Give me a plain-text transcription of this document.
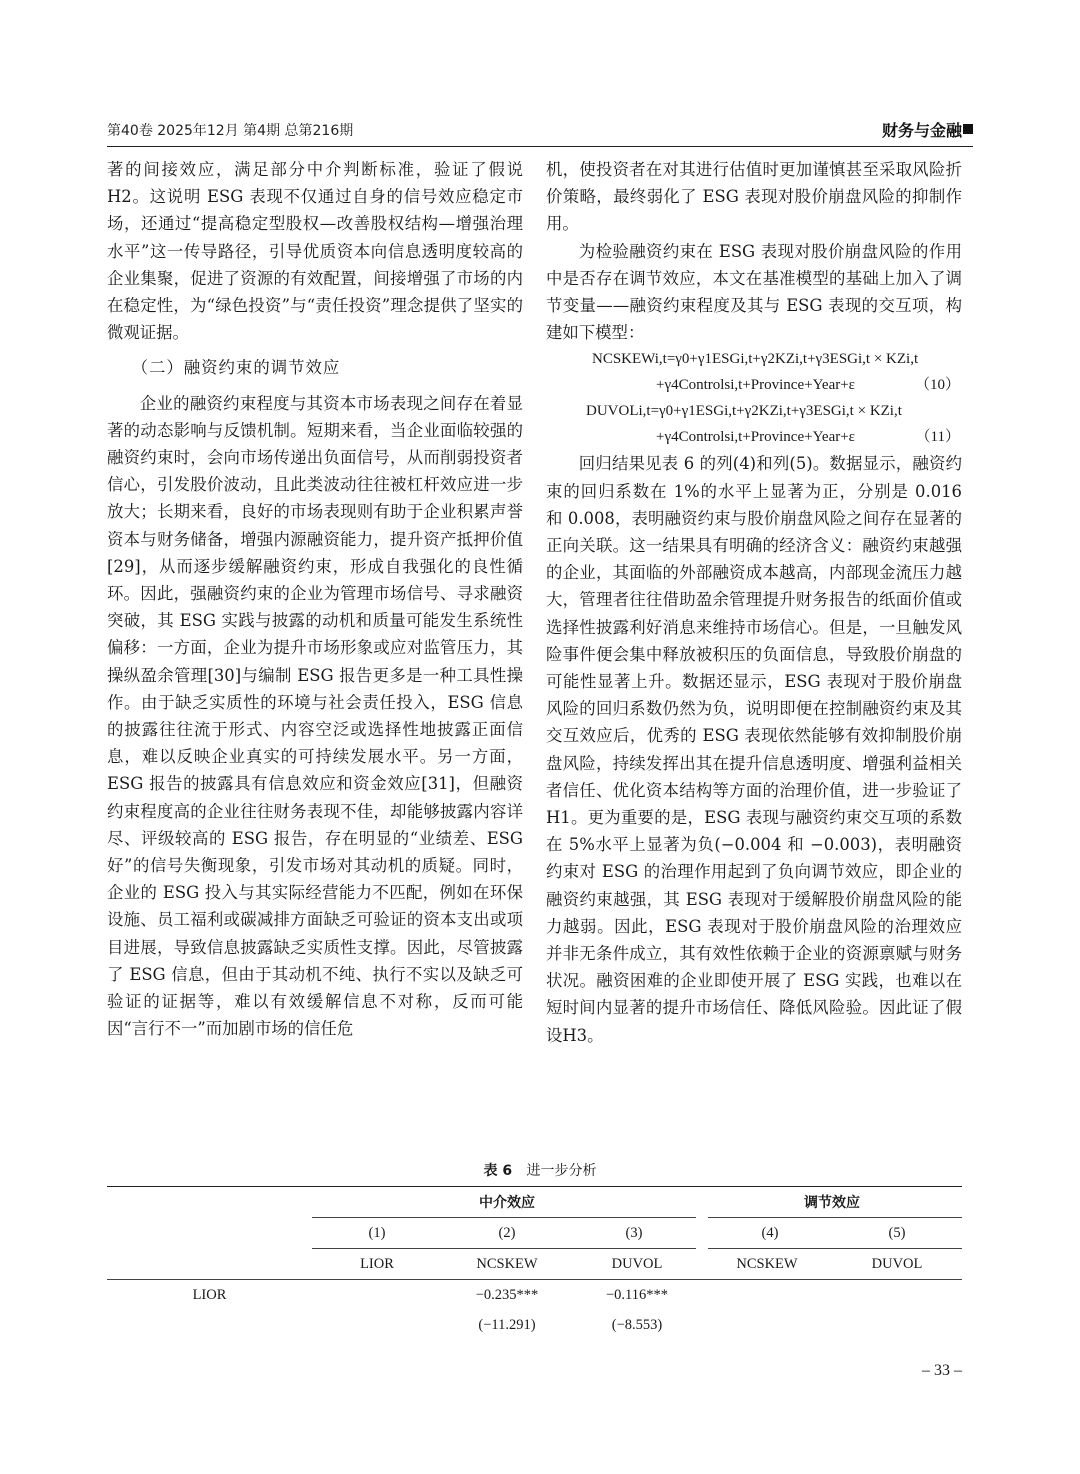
第40卷 2025年12月 第4期 总第216期	财务与金融

著的间接效应，满足部分中介判断标准，验证了假说H2。这说明 ESG 表现不仅通过自身的信号效应稳定市场，还通过“提高稳定型股权—改善股权结构—增强治理水平”这一传导路径，引导优质资本向信息透明度较高的企业集聚，促进了资源的有效配置，间接增强了市场的内在稳定性，为“绿色投资”与“责任投资”理念提供了坚实的微观证据。

（二）融资约束的调节效应

企业的融资约束程度与其资本市场表现之间存在着显著的动态影响与反馈机制。短期来看，当企业面临较强的融资约束时，会向市场传递出负面信号，从而削弱投资者信心，引发股价波动，且此类波动往往被杠杆效应进一步放大；长期来看，良好的市场表现则有助于企业积累声誉资本与财务储备，增强内源融资能力，提升资产抵押价值[29]，从而逐步缓解融资约束，形成自我强化的良性循环。因此，强融资约束的企业为管理市场信号、寻求融资突破，其 ESG 实践与披露的动机和质量可能发生系统性偏移：一方面，企业为提升市场形象或应对监管压力，其操纵盈余管理[30]与编制 ESG 报告更多是一种工具性操作。由于缺乏实质性的环境与社会责任投入，ESG 信息的披露往往流于形式、内容空泛或选择性地披露正面信息，难以反映企业真实的可持续发展水平。另一方面，ESG 报告的披露具有信息效应和资金效应[31]，但融资约束程度高的企业往往财务表现不佳，却能够披露内容详尽、评级较高的 ESG 报告，存在明显的“业绩差、ESG 好”的信号失衡现象，引发市场对其动机的质疑。同时，企业的 ESG 投入与其实际经营能力不匹配，例如在环保设施、员工福利或碳减排方面缺乏可验证的资本支出或项目进展，导致信息披露缺乏实质性支撑。因此，尽管披露了 ESG 信息，但由于其动机不纯、执行不实以及缺乏可验证的证据等，难以有效缓解信息不对称，反而可能因“言行不一”而加剧市场的信任危

机，使投资者在对其进行估值时更加谨慎甚至采取风险折价策略，最终弱化了 ESG 表现对股价崩盘风险的抑制作用。

为检验融资约束在 ESG 表现对股价崩盘风险的作用中是否存在调节效应，本文在基准模型的基础上加入了调节变量——融资约束程度及其与 ESG 表现的交互项，构建如下模型：

NCSKEWi,t=γ0+γ1ESGi,t+γ2KZi,t+γ3ESGi,t × KZi,t
+γ4Controlsi,t+Province+Year+ε	（10）
DUVOLi,t=γ0+γ1ESGi,t+γ2KZi,t+γ3ESGi,t × KZi,t
+γ4Controlsi,t+Province+Year+ε	（11）

回归结果见表 6 的列(4)和列(5)。数据显示，融资约束的回归系数在 1%的水平上显著为正，分别是 0.016 和 0.008，表明融资约束与股价崩盘风险之间存在显著的正向关联。这一结果具有明确的经济含义：融资约束越强的企业，其面临的外部融资成本越高，内部现金流压力越大，管理者往往借助盈余管理提升财务报告的纸面价值或选择性披露利好消息来维持市场信心。但是，一旦触发风险事件便会集中释放被积压的负面信息，导致股价崩盘的可能性显著上升。数据还显示，ESG 表现对于股价崩盘风险的回归系数仍然为负，说明即便在控制融资约束及其交互效应后，优秀的 ESG 表现依然能够有效抑制股价崩盘风险，持续发挥出其在提升信息透明度、增强利益相关者信任、优化资本结构等方面的治理价值，进一步验证了 H1。更为重要的是，ESG 表现与融资约束交互项的系数在 5%水平上显著为负(−0.004 和 −0.003)，表明融资约束对 ESG 的治理作用起到了负向调节效应，即企业的融资约束越强，其 ESG 表现对于缓解股价崩盘风险的能力越弱。因此，ESG 表现对于股价崩盘风险的治理效应并非无条件成立，其有效性依赖于企业的资源禀赋与财务状况。融资困难的企业即使开展了 ESG 实践，也难以在短时间内显著的提升市场信任、降低风险验。因此证了假设H3。

表 6 进一步分析
	中介效应			调节效应	
	(1)	(2)	(3)	(4)	(5)
	LIOR	NCSKEW	DUVOL	NCSKEW	DUVOL
LIOR		−0.235***	−0.116***		
		(−11.291)	(−8.553)		
– 33 –
